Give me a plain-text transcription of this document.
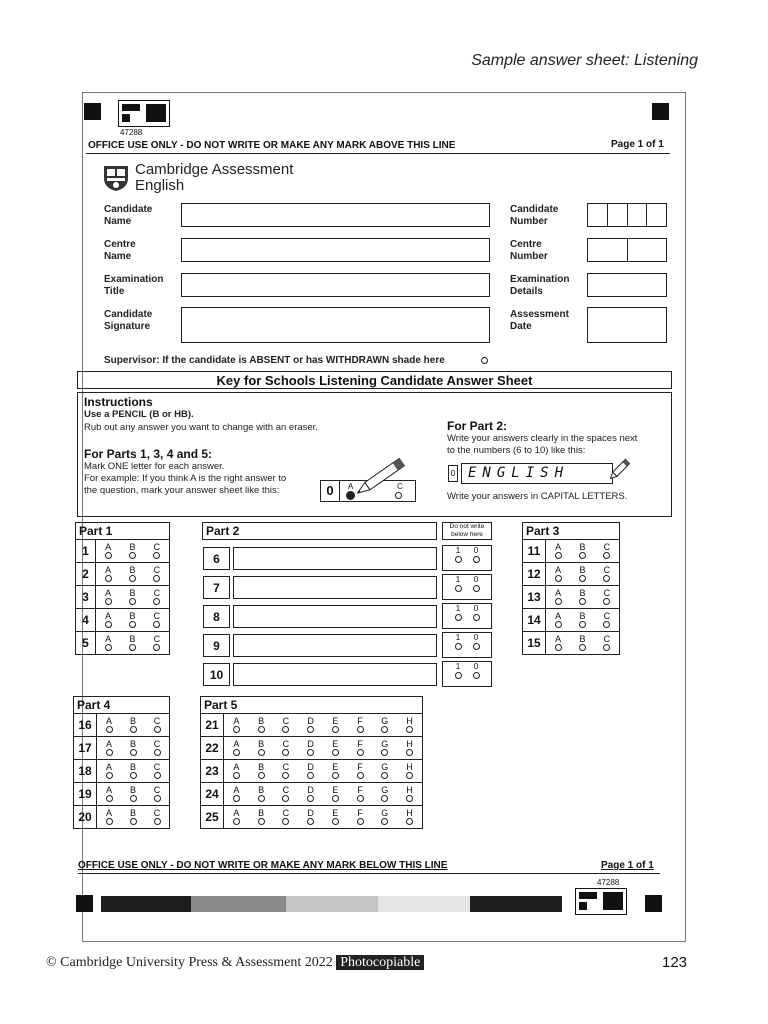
Sample answer sheet: Listening
47288
OFFICE USE ONLY - DO NOT WRITE OR MAKE ANY MARK ABOVE THIS LINE	Page 1 of 1
Cambridge Assessment
English
Candidate
Name
Centre
Name
Examination
Title
Candidate
Signature
Candidate
Number
Centre
Number
Examination
Details
Assessment
Date
Supervisor: If the candidate is ABSENT or has WITHDRAWN shade here
Key for Schools Listening Candidate Answer Sheet
Instructions
Use a PENCIL (B or HB).
Rub out any answer you want to change with an eraser.
For Parts 1, 3, 4 and 5:
Mark ONE letter for each answer.
For example: If you think A is the right answer to
the question, mark your answer sheet like this:	0	A	C
For Part 2:
Write your answers clearly in the spaces next
to the numbers (6 to 10) like this:
0 ENGLISH
Write your answers in CAPITAL LETTERS.
Part 1
1	A B C
2	A B C
3	A B C
4	A B C
5	A B C
Part 2	Do not write
below here
6
1 0
7
1 0
8
1 0
9
1 0
10
1 0
Part 3
11	A B C
12	A B C
13	A B C
14	A B C
15	A B C
Part 4
16	A B C
17	A B C
18	A B C
19	A B C
20	A B C
Part 5
21	A B C D E F G H
22	A B C D E F G H
23	A B C D E F G H
24	A B C D E F G H
25	A B C D E F G H
OFFICE USE ONLY - DO NOT WRITE OR MAKE ANY MARK BELOW THIS LINE	Page 1 of 1
47288
© Cambridge University Press & Assessment 2022 Photocopiable	123
